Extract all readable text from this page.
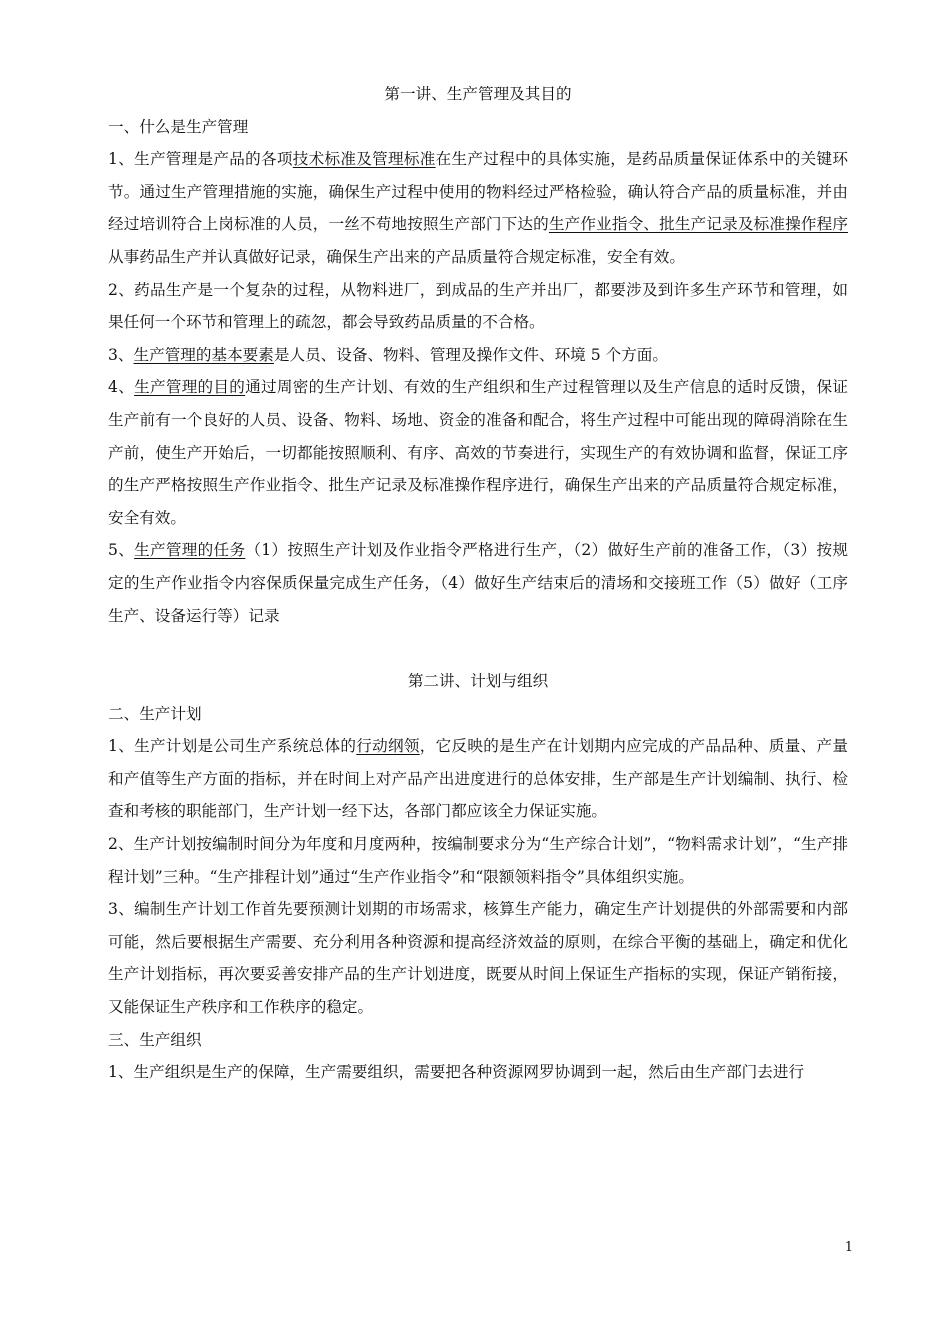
第一讲、生产管理及其目的

一、什么是生产管理

1、生产管理是产品的各项技术标准及管理标准在生产过程中的具体实施，是药品质量保证体系中的关键环节。通过生产管理措施的实施，确保生产过程中使用的物料经过严格检验，确认符合产品的质量标准，并由经过培训符合上岗标准的人员，一丝不苟地按照生产部门下达的生产作业指令、批生产记录及标准操作程序从事药品生产并认真做好记录，确保生产出来的产品质量符合规定标准，安全有效。

2、药品生产是一个复杂的过程，从物料进厂，到成品的生产并出厂，都要涉及到许多生产环节和管理，如果任何一个环节和管理上的疏忽，都会导致药品质量的不合格。

3、生产管理的基本要素是人员、设备、物料、管理及操作文件、环境 5 个方面。

4、生产管理的目的通过周密的生产计划、有效的生产组织和生产过程管理以及生产信息的适时反馈，保证生产前有一个良好的人员、设备、物料、场地、资金的准备和配合，将生产过程中可能出现的障碍消除在生产前，使生产开始后，一切都能按照顺利、有序、高效的节奏进行，实现生产的有效协调和监督，保证工序的生产严格按照生产作业指令、批生产记录及标准操作程序进行，确保生产出来的产品质量符合规定标准，安全有效。

5、生产管理的任务（1）按照生产计划及作业指令严格进行生产，（2）做好生产前的准备工作，（3）按规定的生产作业指令内容保质保量完成生产任务，（4）做好生产结束后的清场和交接班工作（5）做好（工序生产、设备运行等）记录

第二讲、计划与组织

二、生产计划

1、生产计划是公司生产系统总体的行动纲领，它反映的是生产在计划期内应完成的产品品种、质量、产量和产值等生产方面的指标，并在时间上对产品产出进度进行的总体安排，生产部是生产计划编制、执行、检查和考核的职能部门，生产计划一经下达，各部门都应该全力保证实施。

2、生产计划按编制时间分为年度和月度两种，按编制要求分为“生产综合计划”，“物料需求计划”，“生产排程计划”三种。“生产排程计划”通过“生产作业指令”和“限额领料指令”具体组织实施。

3、编制生产计划工作首先要预测计划期的市场需求，核算生产能力，确定生产计划提供的外部需要和内部可能，然后要根据生产需要、充分利用各种资源和提高经济效益的原则，在综合平衡的基础上，确定和优化生产计划指标，再次要妥善安排产品的生产计划进度，既要从时间上保证生产指标的实现，保证产销衔接，又能保证生产秩序和工作秩序的稳定。

三、生产组织

1、生产组织是生产的保障，生产需要组织，需要把各种资源网罗协调到一起，然后由生产部门去进行

1
